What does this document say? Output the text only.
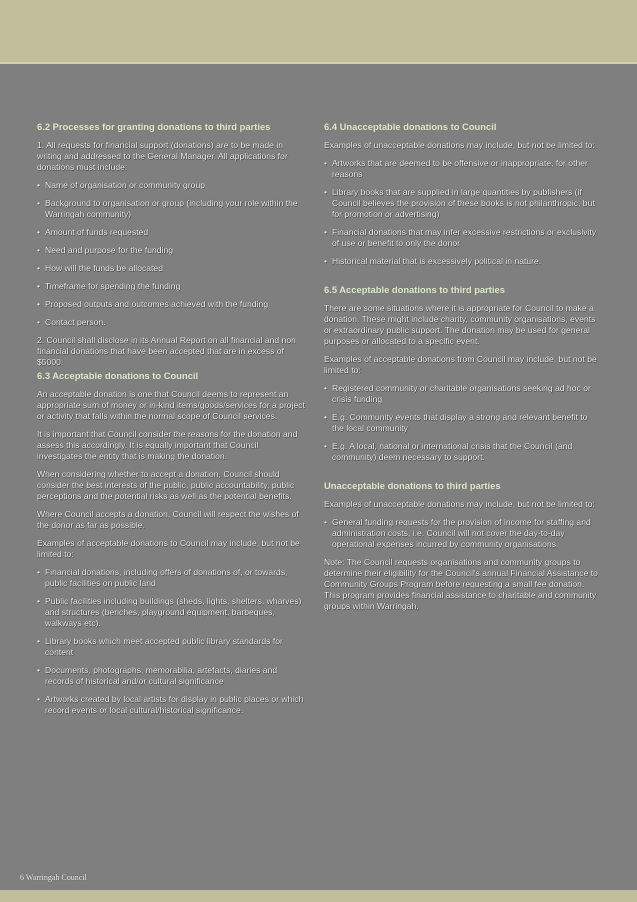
6.2 Processes for granting donations to third parties

1. All requests for financial support (donations) are to be made in writing and addressed to the General Manager. All applications for donations must include:

• Name of organisation or community group
• Background to organisation or group (including your role within the Warringah community)
• Amount of funds requested
• Need and purpose for the funding
• How will the funds be allocated
• Timeframe for spending the funding
• Proposed outputs and outcomes achieved with the funding
• Contact person.

2. Council shall disclose in its Annual Report on all financial and non financial donations that have been accepted that are in excess of $5000.

6.3 Acceptable donations to Council

An acceptable donation is one that Council deems to represent an appropriate sum of money or in-kind items/goods/services for a project or activity that falls within the normal scope of Council services.

It is important that Council consider the reasons for the donation and assess this accordingly. It is equally important that Council investigates the entity that is making the donation.

When considering whether to accept a donation, Council should consider the best interests of the public, public accountability, public perceptions and the potential risks as well as the potential benefits.

Where Council accepts a donation, Council will respect the wishes of the donor as far as possible.

Examples of acceptable donations to Council may include, but not be limited to:

• Financial donations, including offers of donations of, or towards, public facilities on public land
• Public facilities including buildings (sheds, lights, shelters, wharves) and structures (benches, playground equipment, barbeques, walkways etc).
• Library books which meet accepted public library standards for content
• Documents, photographs, memorabilia, artefacts, diaries and records of historical and/or cultural significance
• Artworks created by local artists for display in public places or which record events or local cultural/historical significance.
6.4 Unacceptable donations to Council

Examples of unacceptable donations may include, but not be limited to:

• Artworks that are deemed to be offensive or inappropriate, for other reasons
• Library books that are supplied in large quantities by publishers (if Council believes the provision of these books is not philanthropic, but for promotion or advertising)
• Financial donations that may infer excessive restrictions or exclusivity of use or benefit to only the donor
• Historical material that is excessively political in nature.
6.5 Acceptable donations to third parties

There are some situations where it is appropriate for Council to make a donation. These might include charity, community organisations, events or extraordinary public support. The donation may be used for general purposes or allocated to a specific event.

Examples of acceptable donations from Council may include, but not be limited to:

• Registered community or charitable organisations seeking ad hoc or crisis funding
• E.g. Community events that display a strong and relevant benefit to the local community
• E.g. A local, national or international crisis that the Council (and community) deem necessary to support.
Unacceptable donations to third parties

Examples of unacceptable donations may include, but not be limited to:

• General funding requests for the provision of income for staffing and administration costs, i.e. Council will not cover the day-to-day operational expenses incurred by community organisations.

Note: The Council requests organisations and community groups to determine their eligibility for the Council's annual Financial Assistance to Community Groups Program before requesting a small fee donation. This program provides financial assistance to charitable and community groups within Warringah.

6 Warringah Council
